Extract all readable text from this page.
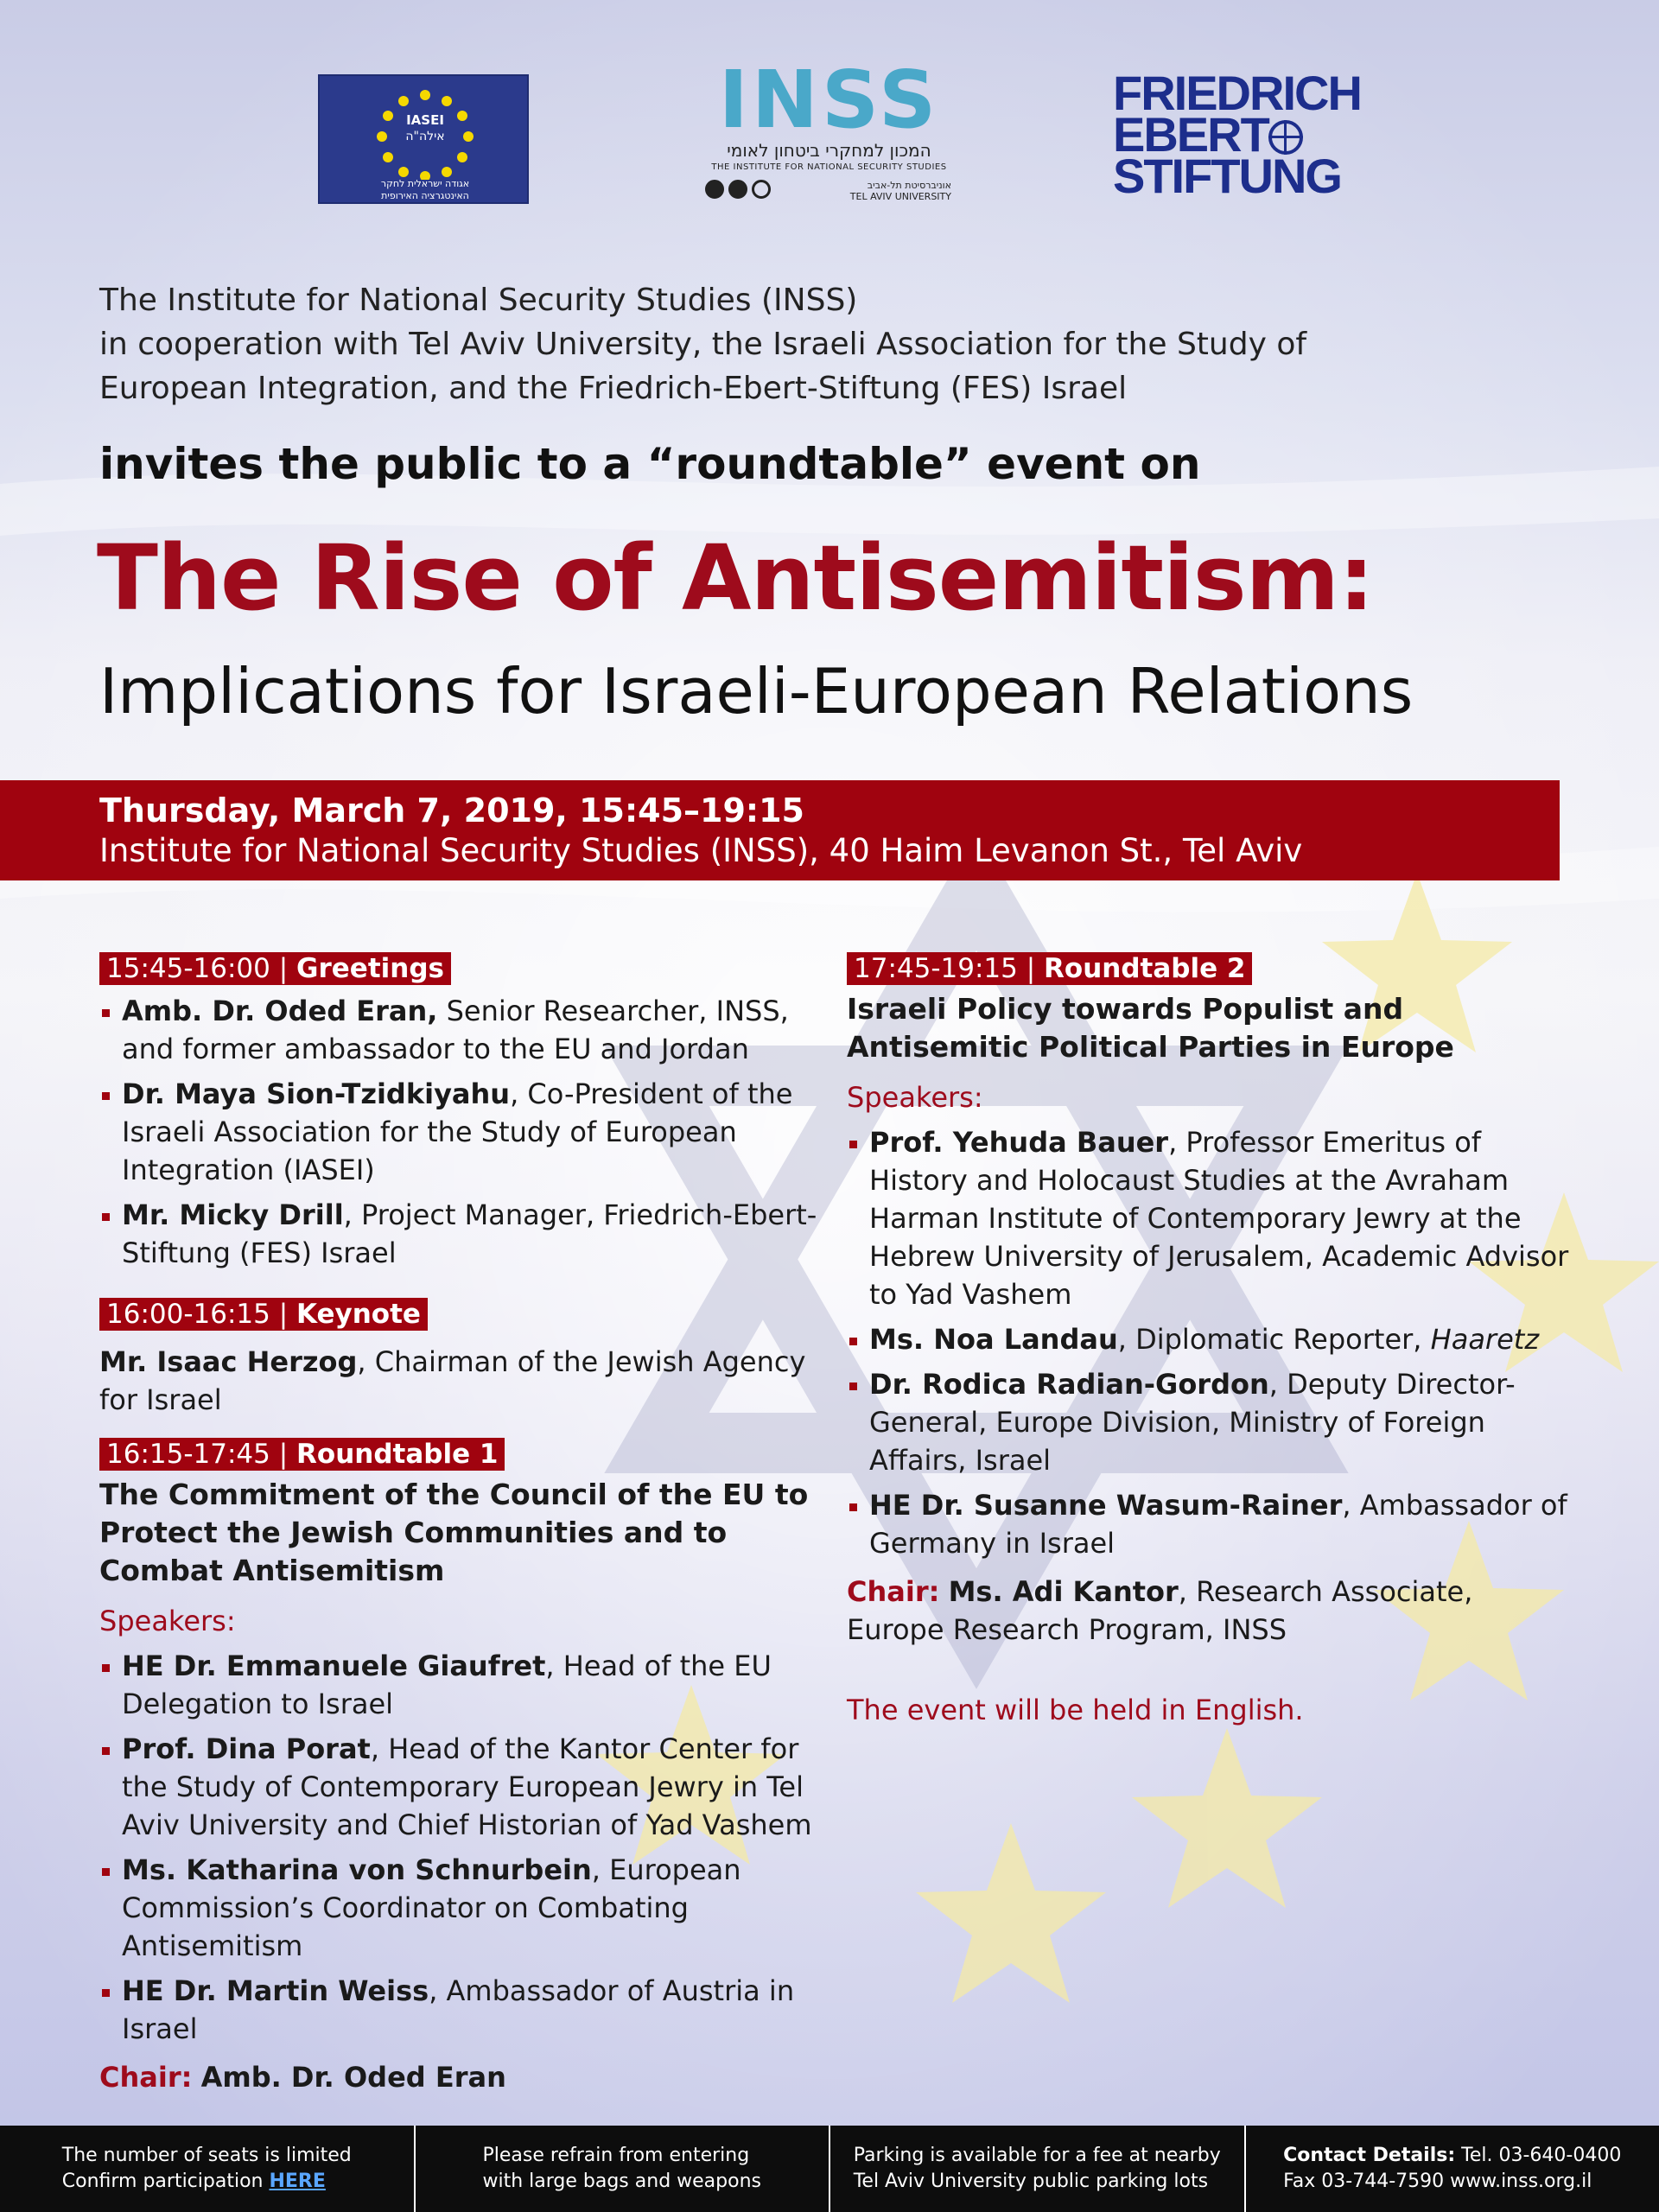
IASEI
אילה"ה
אגודה ישראלית לחקר
האינטגרציה האירופית
INSS
המכון למחקרי ביטחון לאומי
THE INSTITUTE FOR NATIONAL SECURITY STUDIES
אוניברסיטת תל-אביב
TEL AVIV UNIVERSITY
FRIEDRICH
EBERT
STIFTUNG
The Institute for National Security Studies (INSS)
in cooperation with Tel Aviv University, the Israeli Association for the Study of
European Integration, and the Friedrich-Ebert-Stiftung (FES) Israel
invites the public to a “roundtable” event on
The Rise of Antisemitism:
Implications for Israeli-European Relations
Thursday, March 7, 2019, 15:45–19:15
Institute for National Security Studies (INSS), 40 Haim Levanon St., Tel Aviv
15:45-16:00 | Greetings
Amb. Dr. Oded Eran, Senior Researcher, INSS, and former ambassador to the EU and Jordan
Dr. Maya Sion-Tzidkiyahu, Co-President of the Israeli Association for the Study of European Integration (IASEI)
Mr. Micky Drill, Project Manager, Friedrich-Ebert-Stiftung (FES) Israel
16:00-16:15 | Keynote
Mr. Isaac Herzog, Chairman of the Jewish Agency for Israel
16:15-17:45 | Roundtable 1
The Commitment of the Council of the EU to Protect the Jewish Communities and to Combat Antisemitism
Speakers:
HE Dr. Emmanuele Giaufret, Head of the EU Delegation to Israel
Prof. Dina Porat, Head of the Kantor Center for the Study of Contemporary European Jewry in Tel Aviv University and Chief Historian of Yad Vashem
Ms. Katharina von Schnurbein, European Commission’s Coordinator on Combating Antisemitism
HE Dr. Martin Weiss, Ambassador of Austria in Israel
Chair: Amb. Dr. Oded Eran
17:45-19:15 | Roundtable 2
Israeli Policy towards Populist and Antisemitic Political Parties in Europe
Speakers:
Prof. Yehuda Bauer, Professor Emeritus of History and Holocaust Studies at the Avraham Harman Institute of Contemporary Jewry at the Hebrew University of Jerusalem, Academic Advisor to Yad Vashem
Ms. Noa Landau, Diplomatic Reporter, Haaretz
Dr. Rodica Radian-Gordon, Deputy Director-General, Europe Division, Ministry of Foreign Affairs, Israel
HE Dr. Susanne Wasum-Rainer, Ambassador of Germany in Israel
Chair: Ms. Adi Kantor, Research Associate, Europe Research Program, INSS
The event will be held in English.
The number of seats is limited
Confirm participation HERE
Please refrain from entering
with large bags and weapons
Parking is available for a fee at nearby
Tel Aviv University public parking lots
Contact Details: Tel. 03-640-0400
Fax 03-744-7590 www.inss.org.il
